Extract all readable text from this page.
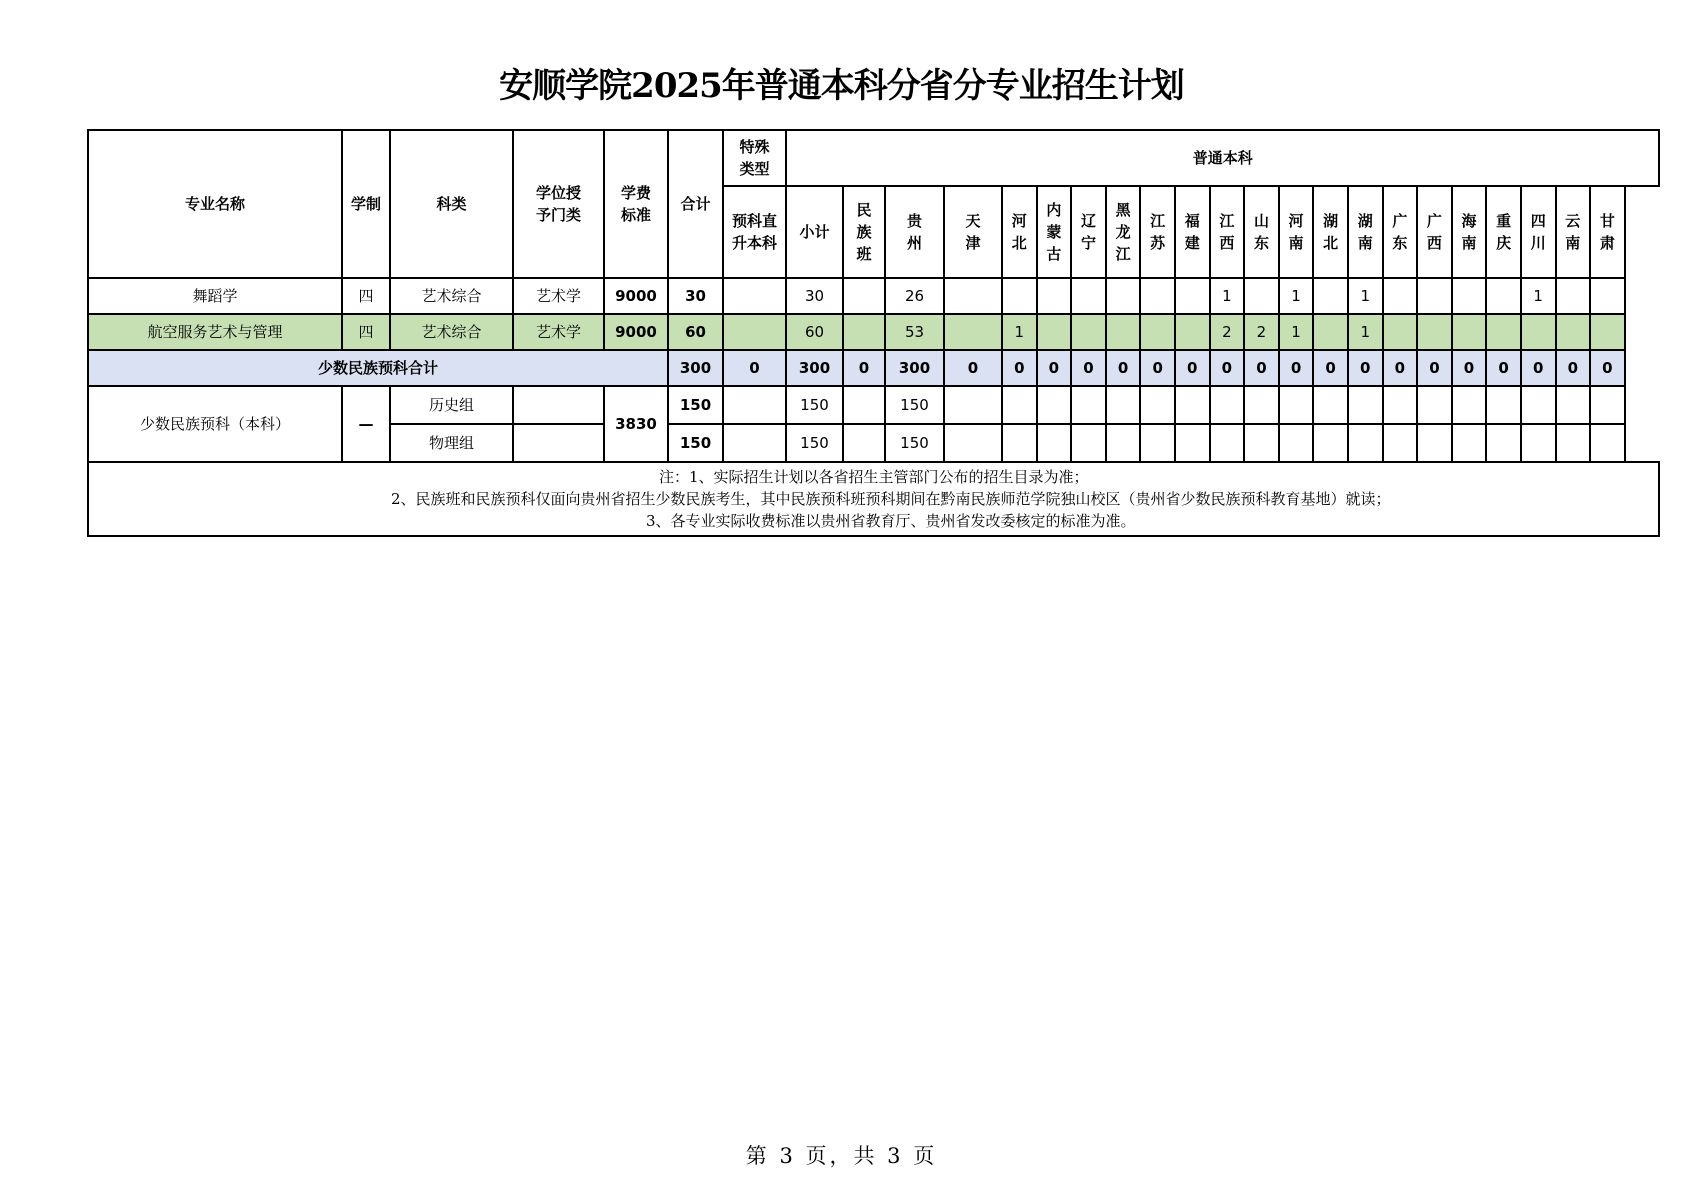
安顺学院2025年普通本科分省分专业招生计划
专业名称	学制	科类	学位授予门类	学费标准	合计	特殊类型	普通本科																					
						预科直升本科	小计	民族班	贵州	天津	河北	内蒙古	辽宁	黑龙江	江苏	福建	江西	山东	河南	湖北	湖南	广东	广西	海南	重庆	四川	云南	甘肃
舞蹈学	四	艺术综合	艺术学	9000	30		30		26								1		1		1					1		
航空服务艺术与管理	四	艺术综合	艺术学	9000	60		60		53		1						2	2	1		1							
少数民族预科合计					300	0	300	0	300	0	0	0	0	0	0	0	0	0	0	0	0	0	0	0	0	0	0	0
少数民族预科（本科）	—	历史组		3830	150		150		150																			
		物理组			150		150		150																			

注：1、实际招生计划以各省招生主管部门公布的招生目录为准；
2、民族班和民族预科仅面向贵州省招生少数民族考生，其中民族预科班预科期间在黔南民族师范学院独山校区（贵州省少数民族预科教育基地）就读；
3、各专业实际收费标准以贵州省教育厅、贵州省发改委核定的标准为准。																												
第 3 页，共 3 页
